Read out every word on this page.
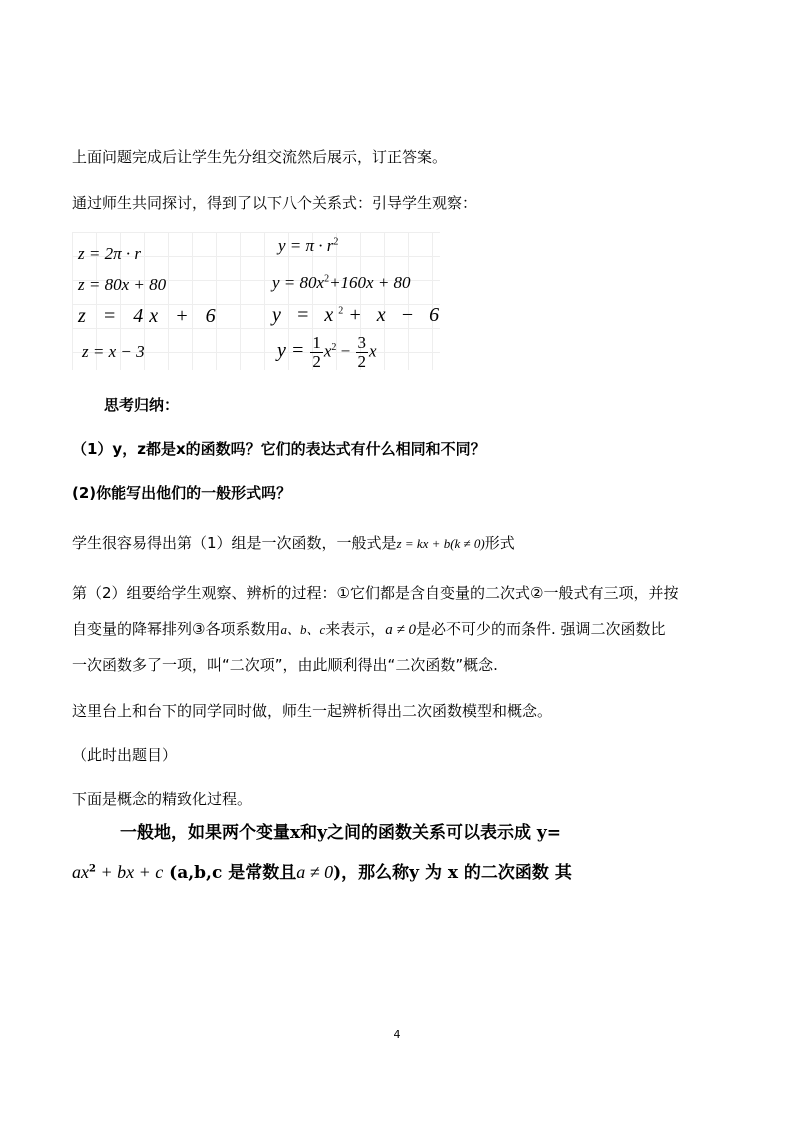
上面问题完成后让学生先分组交流然后展示，订正答案。
通过师生共同探讨，得到了以下八个关系式：引导学生观察：
z = 2π · r
z = 80x + 80
z = 4x + 6
z = x − 3
$y = \pi \cdot r^2$
$y = 80x^2+160x + 80$
$y = x^2+ x - 6$
$y = \frac{1}{2} x^2 - \frac{3}{2}$ x
思考归纳：
（1）y，z都是x的函数吗？它们的表达式有什么相同和不同？
(2)你能写出他们的一般形式吗？
学生很容易得出第（1）组是一次函数，一般式是z = kx + b(k ≠ 0)形式
第（2）组要给学生观察、辨析的过程：①它们都是含自变量的二次式②一般式有三项，并按
自变量的降幂排列③各项系数用a、b、c来表示，a ≠ 0是必不可少的而条件. 强调二次函数比
一次函数多了一项，叫“二次项”，由此顺利得出“二次函数”概念.
这里台上和台下的同学同时做，师生一起辨析得出二次函数模型和概念。
（此时出题目）
下面是概念的精致化过程。
一般地，如果两个变量x和y之间的函数关系可以表示成 y=
$ax^2$ + bx + c (a,b,c 是常数且a ≠ 0)，那么称y 为 x 的二次函数 其
4
